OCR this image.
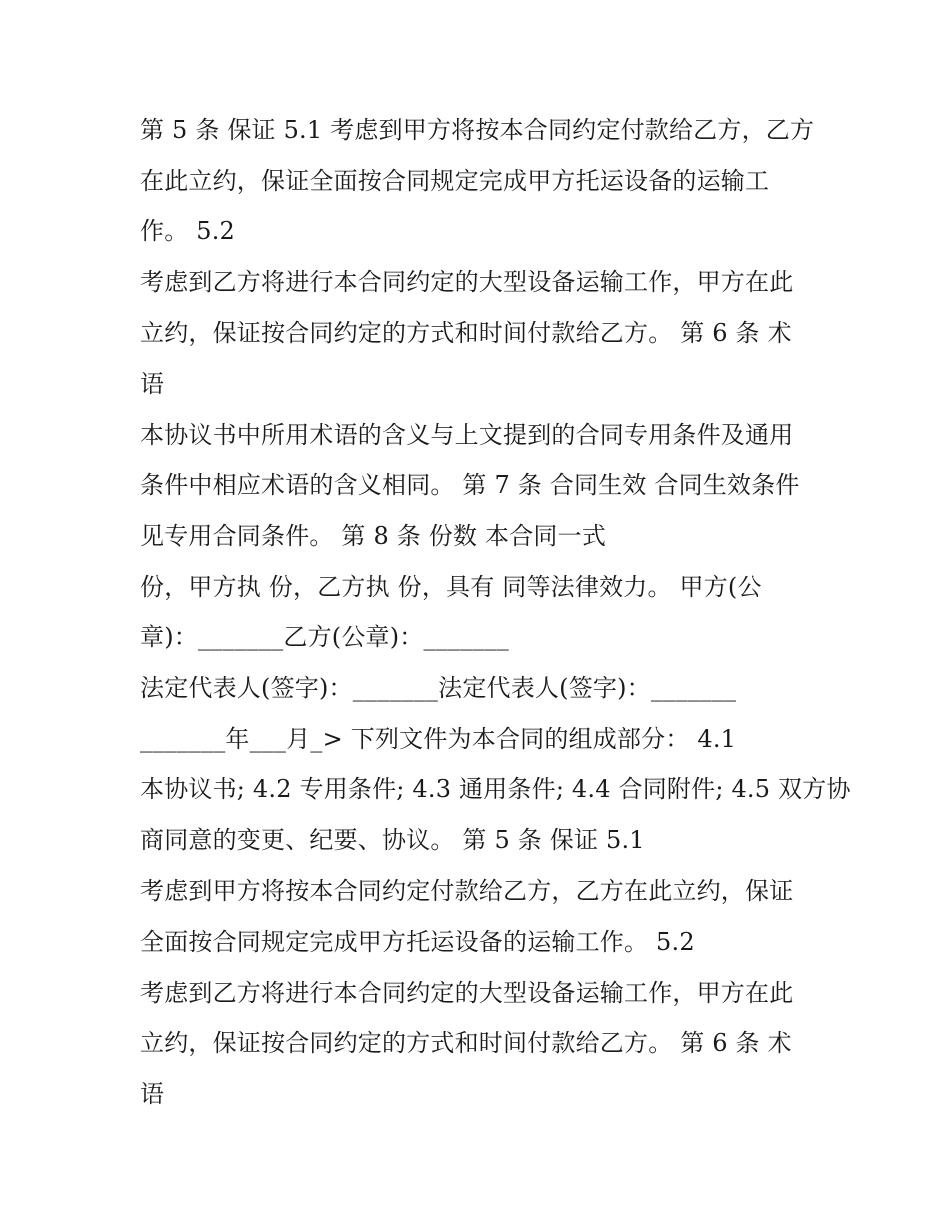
第 5 条 保证 5.1 考虑到甲方将按本合同约定付款给乙方，乙方
在此立约，保证全面按合同规定完成甲方托运设备的运输工
作。 5.2
考虑到乙方将进行本合同约定的大型设备运输工作，甲方在此
立约，保证按合同约定的方式和时间付款给乙方。 第 6 条 术
语
本协议书中所用术语的含义与上文提到的合同专用条件及通用
条件中相应术语的含义相同。 第 7 条 合同生效 合同生效条件
见专用合同条件。 第 8 条 份数 本合同一式
份，甲方执 份，乙方执 份，具有 同等法律效力。 甲方(公
章)：_______乙方(公章)：_______
法定代表人(签字)：_______法定代表人(签字)：_______
_______年___月_> 下列文件为本合同的组成部分： 4.1
本协议书; 4.2 专用条件; 4.3 通用条件; 4.4 合同附件; 4.5 双方协
商同意的变更、纪要、协议。 第 5 条 保证 5.1
考虑到甲方将按本合同约定付款给乙方，乙方在此立约，保证
全面按合同规定完成甲方托运设备的运输工作。 5.2
考虑到乙方将进行本合同约定的大型设备运输工作，甲方在此
立约，保证按合同约定的方式和时间付款给乙方。 第 6 条 术
语
